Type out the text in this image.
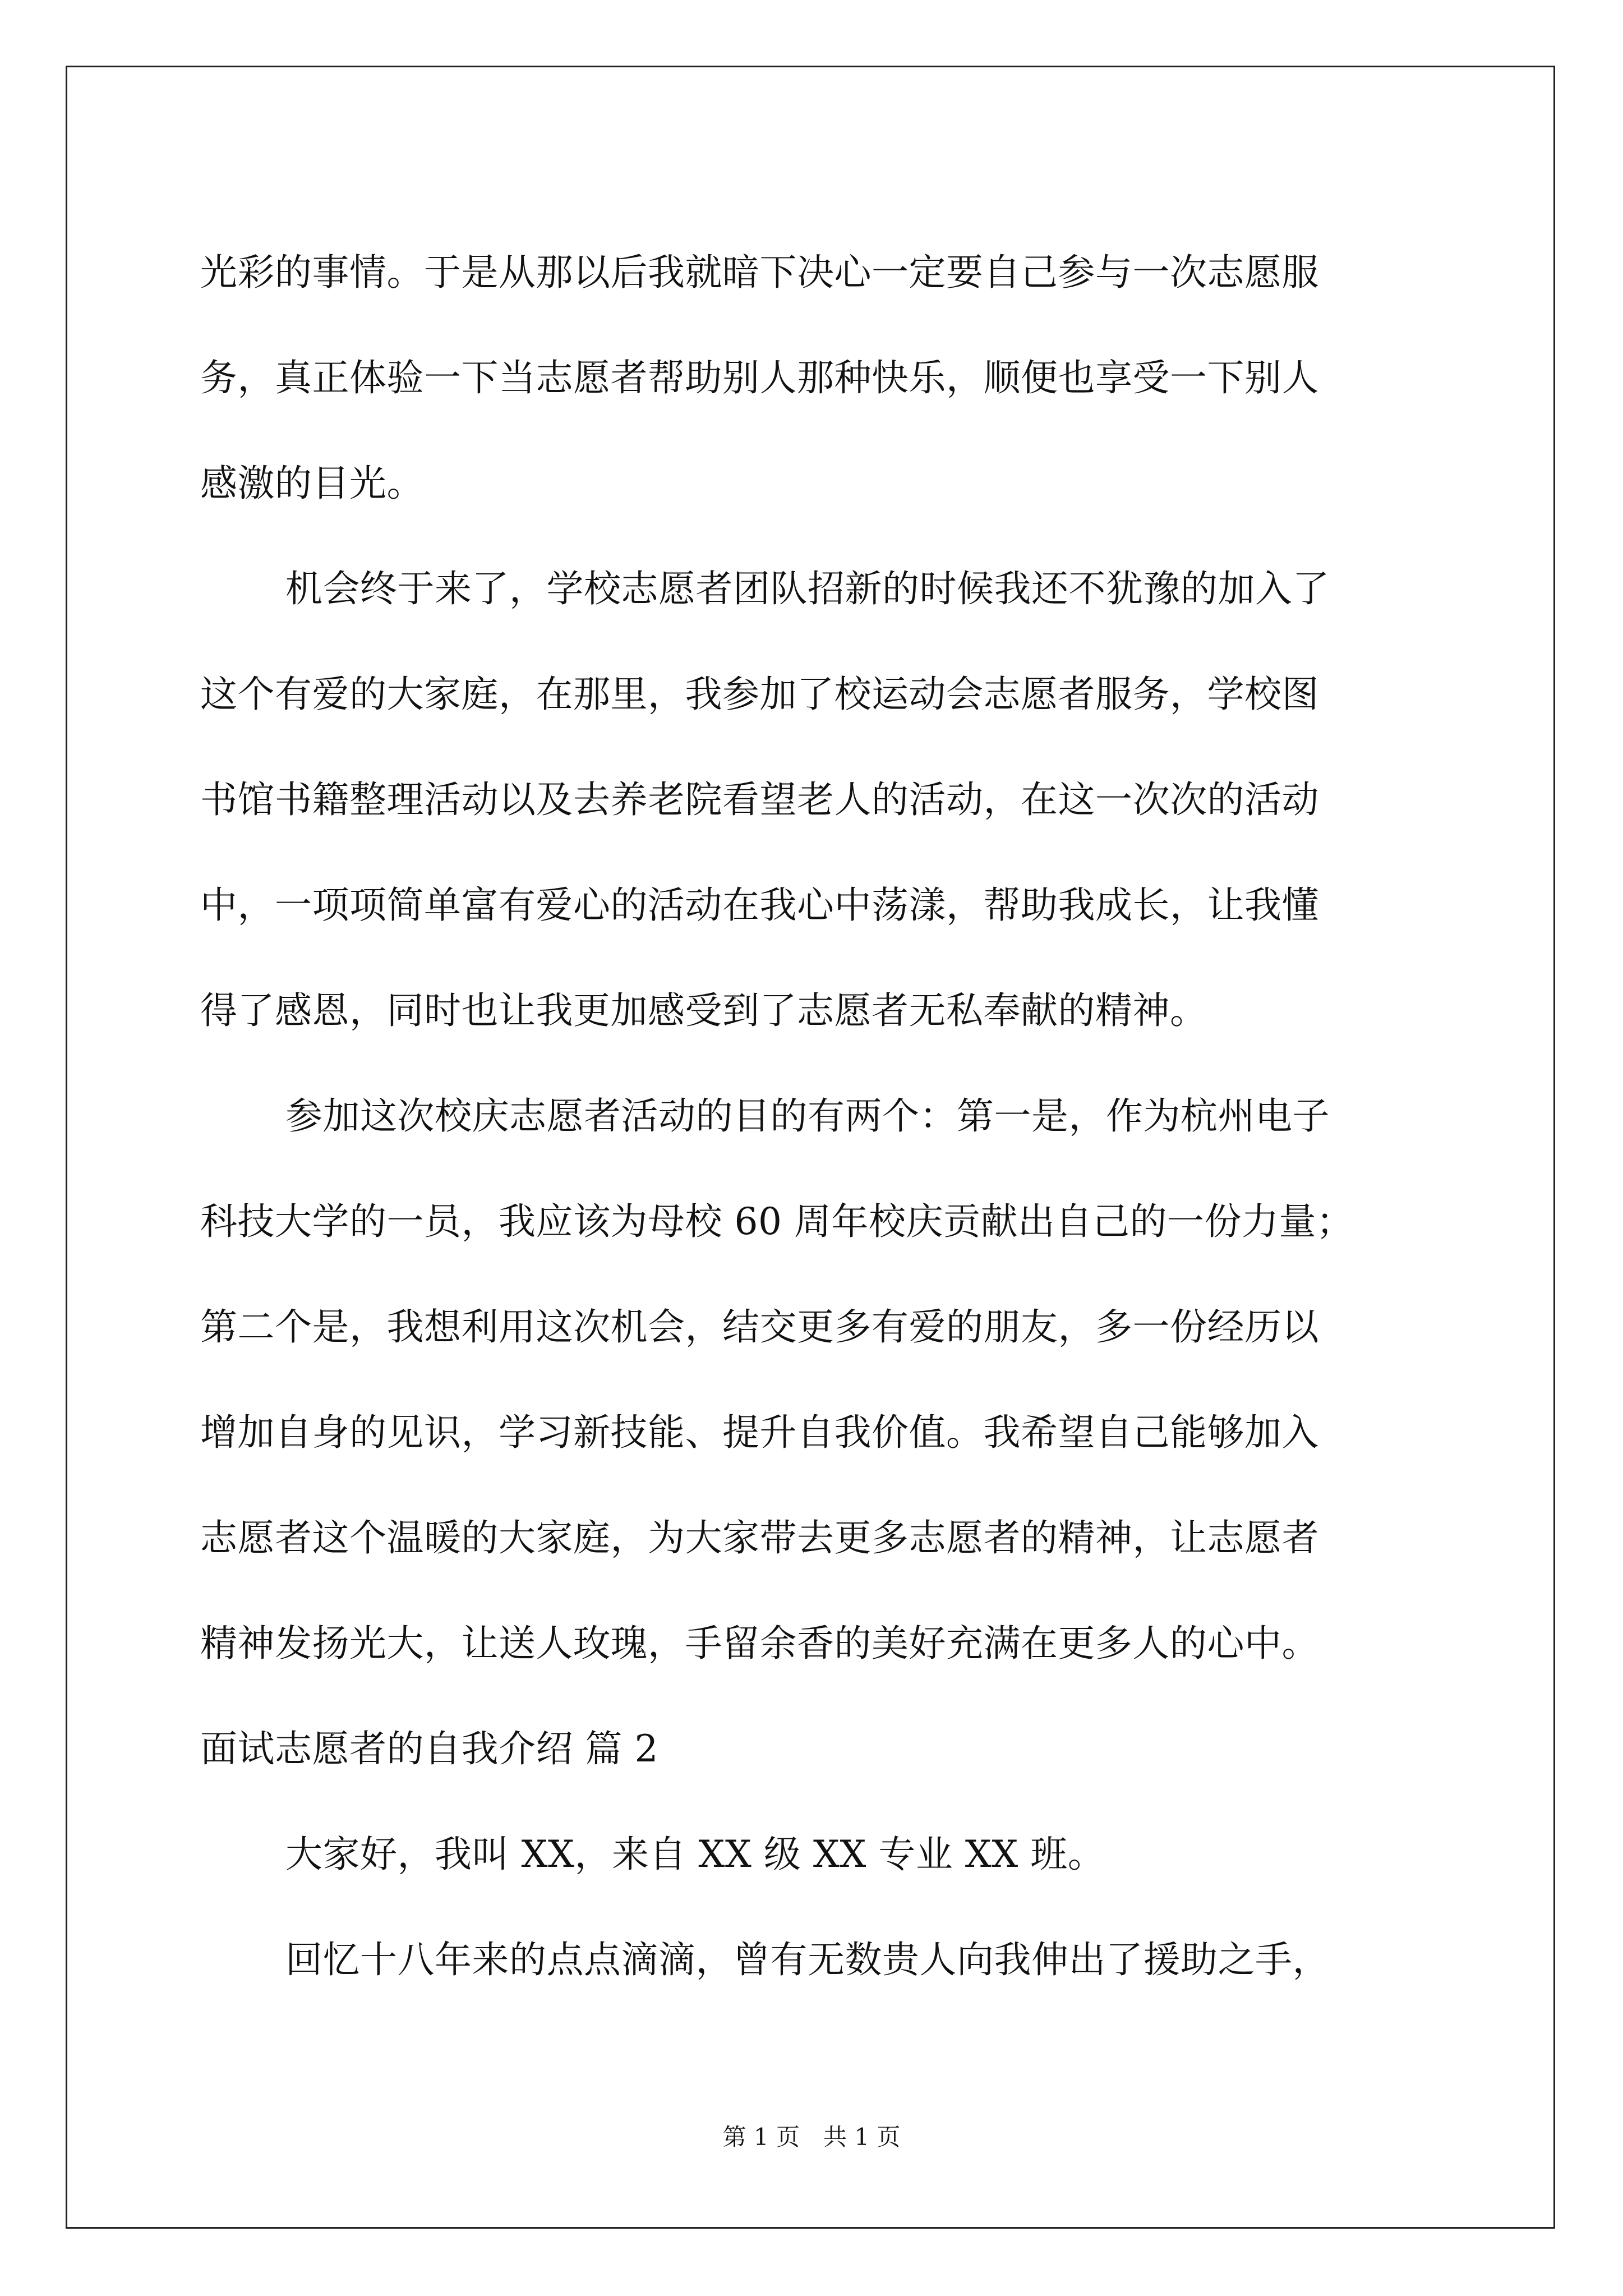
光彩的事情。于是从那以后我就暗下决心一定要自己参与一次志愿服
务，真正体验一下当志愿者帮助别人那种快乐，顺便也享受一下别人
感激的目光。
机会终于来了，学校志愿者团队招新的时候我还不犹豫的加入了
这个有爱的大家庭，在那里，我参加了校运动会志愿者服务，学校图
书馆书籍整理活动以及去养老院看望老人的活动，在这一次次的活动
中，一项项简单富有爱心的活动在我心中荡漾，帮助我成长，让我懂
得了感恩，同时也让我更加感受到了志愿者无私奉献的精神。
参加这次校庆志愿者活动的目的有两个：第一是，作为杭州电子
科技大学的一员，我应该为母校 60 周年校庆贡献出自己的一份力量；
第二个是，我想利用这次机会，结交更多有爱的朋友，多一份经历以
增加自身的见识，学习新技能、提升自我价值。我希望自己能够加入
志愿者这个温暖的大家庭，为大家带去更多志愿者的精神，让志愿者
精神发扬光大，让送人玫瑰，手留余香的美好充满在更多人的心中。
面试志愿者的自我介绍 篇 2
大家好，我叫 XX，来自 XX 级 XX 专业 XX 班。
回忆十八年来的点点滴滴，曾有无数贵人向我伸出了援助之手，
第 1 页　共 1 页
